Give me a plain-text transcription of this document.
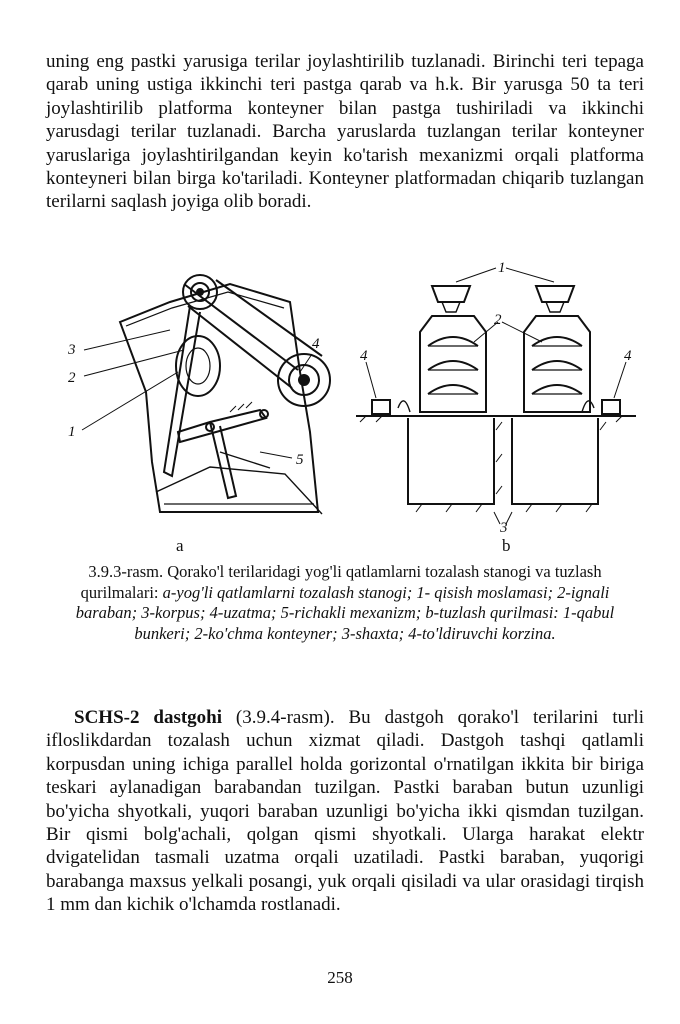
uning eng pastki yarusiga terilar joylashtirilib tuzlanadi. Birinchi teri tepaga qarab uning ustiga ikkinchi teri pastga qarab va h.k. Bir yarusga 50 ta teri joylashtirilib platforma konteyner bilan pastga tushiriladi va ikkinchi yarusdagi terilar tuzlanadi. Barcha yaruslarda tuzlangan terilar konteyner yaruslariga joylashtirilgandan keyin ko'tarish mexanizmi orqali platforma konteyneri bilan birga ko'tariladi. Konteyner platformadan chiqarib tuzlangan terilarni saqlash joyiga olib boradi.

3
2
1
4
5
1
2
4	4
3
a	b

3.9.3-rasm. Qorako'l terilaridagi yog'li qatlamlarni tozalash stanogi va tuzlash qurilmalari: a-yog'li qatlamlarni tozalash stanogi; 1- qisish moslamasi; 2-ignali baraban; 3-korpus; 4-uzatma; 5-richakli mexanizm; b-tuzlash qurilmasi: 1-qabul bunkeri; 2-ko'chma konteyner; 3-shaxta; 4-to'ldiruvchi korzina.

SCHS-2 dastgohi (3.9.4-rasm). Bu dastgoh qorako'l terilarini turli ifloslikdardan tozalash uchun xizmat qiladi. Dastgoh tashqi qatlamli korpusdan uning ichiga parallel holda gorizontal o'rnatilgan ikkita bir biriga teskari aylanadigan barabandan tuzilgan. Pastki baraban butun uzunligi bo'yicha shyotkali, yuqori baraban uzunligi bo'yicha ikki qismdan tuzilgan. Bir qismi bolg'achali, qolgan qismi shyotkali. Ularga harakat elektr dvigatelidan tasmali uzatma orqali uzatiladi. Pastki baraban, yuqorigi barabanga maxsus yelkali posangi, yuk orqali qisiladi va ular orasidagi tirqish 1 mm dan kichik o'lchamda rostlanadi.

258
